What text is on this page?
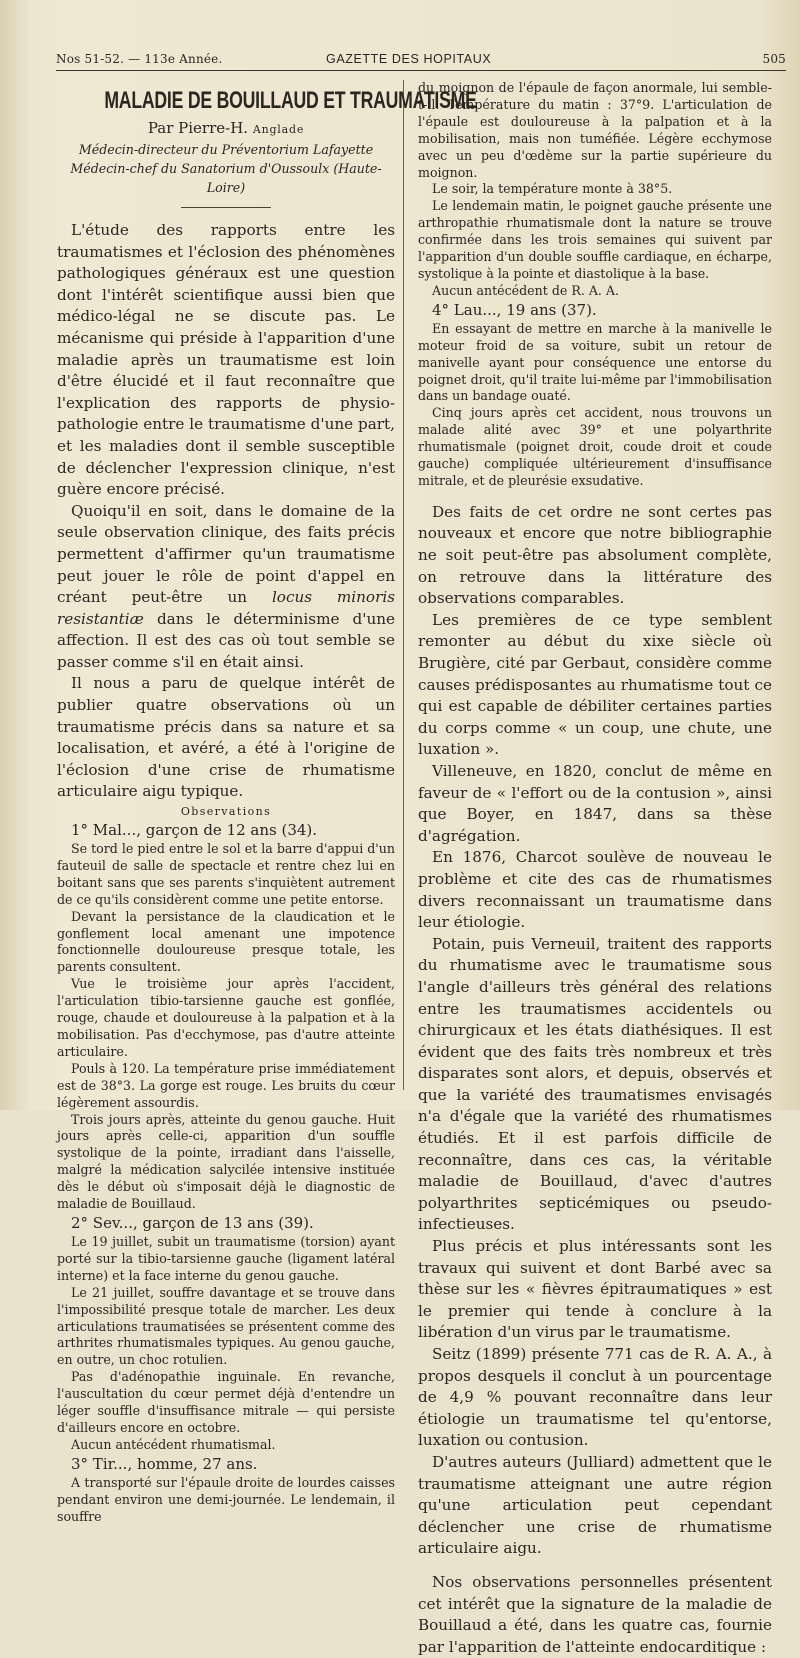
Nos 51-52. — 113e Année.	GAZETTE DES HOPITAUX	505
MALADIE DE BOUILLAUD ET TRAUMATISME
Par Pierre-H. Anglade
Médecin-directeur du Préventorium Lafayette
Médecin-chef du Sanatorium d'Oussoulx (Haute-Loire)

L'étude des rapports entre les traumatismes et l'éclosion des phénomènes pathologiques généraux est une question dont l'intérêt scientifique aussi bien que médico-légal ne se discute pas. Le mécanisme qui préside à l'apparition d'une maladie après un traumatisme est loin d'être élucidé et il faut reconnaître que l'explication des rapports de physio-pathologie entre le traumatisme d'une part, et les maladies dont il semble susceptible de déclencher l'expression clinique, n'est guère encore précisé.

Quoiqu'il en soit, dans le domaine de la seule observation clinique, des faits précis permettent d'affirmer qu'un traumatisme peut jouer le rôle de point d'appel en créant peut-être un locus minoris resistantiæ dans le déterminisme d'une affection. Il est des cas où tout semble se passer comme s'il en était ainsi.

Il nous a paru de quelque intérêt de publier quatre observations où un traumatisme précis dans sa nature et sa localisation, et avéré, a été à l'origine de l'éclosion d'une crise de rhumatisme articulaire aigu typique.

Observations

1° Mal..., garçon de 12 ans (34).

Se tord le pied entre le sol et la barre d'appui d'un fauteuil de salle de spectacle et rentre chez lui en boitant sans que ses parents s'inquiètent autrement de ce qu'ils considèrent comme une petite entorse.

Devant la persistance de la claudication et le gonflement local amenant une impotence fonctionnelle douloureuse presque totale, les parents consultent.

Vue le troisième jour après l'accident, l'articulation tibio-tarsienne gauche est gonflée, rouge, chaude et douloureuse à la palpation et à la mobilisation. Pas d'ecchymose, pas d'autre atteinte articulaire.

Pouls à 120. La température prise immédiatement est de 38°3. La gorge est rouge. Les bruits du cœur légèrement assourdis.

Trois jours après, atteinte du genou gauche. Huit jours après celle-ci, apparition d'un souffle systolique de la pointe, irradiant dans l'aisselle, malgré la médication salycilée intensive instituée dès le début où s'imposait déjà le diagnostic de maladie de Bouillaud.

2° Sev..., garçon de 13 ans (39).

Le 19 juillet, subit un traumatisme (torsion) ayant porté sur la tibio-tarsienne gauche (ligament latéral interne) et la face interne du genou gauche.

Le 21 juillet, souffre davantage et se trouve dans l'impossibilité presque totale de marcher. Les deux articulations traumatisées se présentent comme des arthrites rhumatismales typiques. Au genou gauche, en outre, un choc rotulien.

Pas d'adénopathie inguinale. En revanche, l'auscultation du cœur permet déjà d'entendre un léger souffle d'insuffisance mitrale — qui persiste d'ailleurs encore en octobre.

Aucun antécédent rhumatismal.

3° Tir..., homme, 27 ans.

A transporté sur l'épaule droite de lourdes caisses pendant environ une demi-journée. Le lendemain, il souffre

du moignon de l'épaule de façon anormale, lui semble-t-il. Température du matin : 37°9. L'articulation de l'épaule est douloureuse à la palpation et à la mobilisation, mais non tuméfiée. Légère ecchymose avec un peu d'œdème sur la partie supérieure du moignon.

Le soir, la température monte à 38°5.

Le lendemain matin, le poignet gauche présente une arthropathie rhumatismale dont la nature se trouve confirmée dans les trois semaines qui suivent par l'apparition d'un double souffle cardiaque, en écharpe, systolique à la pointe et diastolique à la base.

Aucun antécédent de R. A. A.

4° Lau..., 19 ans (37).

En essayant de mettre en marche à la manivelle le moteur froid de sa voiture, subit un retour de manivelle ayant pour conséquence une entorse du poignet droit, qu'il traite lui-même par l'immobilisation dans un bandage ouaté.

Cinq jours après cet accident, nous trouvons un malade alité avec 39° et une polyarthrite rhumatismale (poignet droit, coude droit et coude gauche) compliquée ultérieurement d'insuffisance mitrale, et de pleurésie exsudative.

Des faits de cet ordre ne sont certes pas nouveaux et encore que notre bibliographie ne soit peut-être pas absolument complète, on retrouve dans la littérature des observations comparables.

Les premières de ce type semblent remonter au début du xixe siècle où Brugière, cité par Gerbaut, considère comme causes prédisposantes au rhumatisme tout ce qui est capable de débiliter certaines parties du corps comme « un coup, une chute, une luxation ».

Villeneuve, en 1820, conclut de même en faveur de « l'effort ou de la contusion », ainsi que Boyer, en 1847, dans sa thèse d'agrégation.

En 1876, Charcot soulève de nouveau le problème et cite des cas de rhumatismes divers reconnaissant un traumatisme dans leur étiologie.

Potain, puis Verneuil, traitent des rapports du rhumatisme avec le traumatisme sous l'angle d'ailleurs très général des relations entre les traumatismes accidentels ou chirurgicaux et les états diathésiques. Il est évident que des faits très nombreux et très disparates sont alors, et depuis, observés et que la variété des traumatismes envisagés n'a d'égale que la variété des rhumatismes étudiés. Et il est parfois difficile de reconnaître, dans ces cas, la véritable maladie de Bouillaud, d'avec d'autres polyarthrites septicémiques ou pseudo-infectieuses.

Plus précis et plus intéressants sont les travaux qui suivent et dont Barbé avec sa thèse sur les « fièvres épitraumatiques » est le premier qui tende à conclure à la libération d'un virus par le traumatisme.

Seitz (1899) présente 771 cas de R. A. A., à propos desquels il conclut à un pourcentage de 4,9 % pouvant reconnaître dans leur étiologie un traumatisme tel qu'entorse, luxation ou contusion.

D'autres auteurs (Julliard) admettent que le traumatisme atteignant une autre région qu'une articulation peut cependant déclencher une crise de rhumatisme articulaire aigu.

Nos observations personnelles présentent cet intérêt que la signature de la maladie de Bouillaud a été, dans les quatre cas, fournie par l'apparition de l'atteinte endocarditique :
